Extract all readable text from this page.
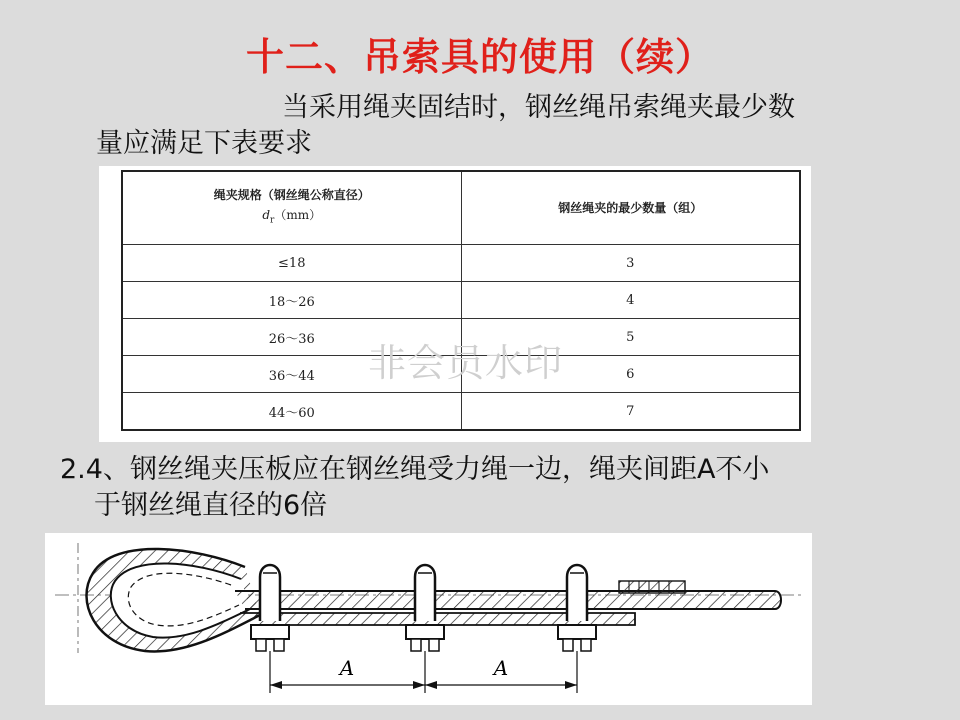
十二、吊索具的使用（续）
当采用绳夹固结时，钢丝绳吊索绳夹最少数
量应满足下表要求
绳夹规格（钢丝绳公称直径）
$d_r(mm)$	钢丝绳夹的最少数量（组）
≤18	3
18～26	4
26～36	5
36～44	6
44～60	7
非会员水印
2.4、钢丝绳夹压板应在钢丝绳受力绳一边，绳夹间距A不小
于钢丝绳直径的6倍
A	A
